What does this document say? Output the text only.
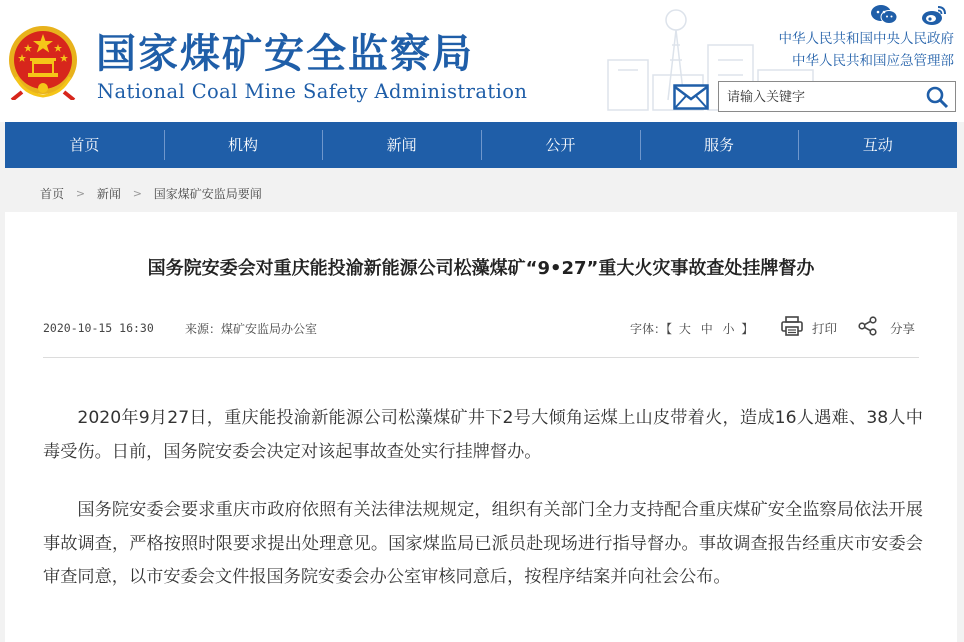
国家煤矿安全监察局
National Coal Mine Safety Administration

中华人民共和国中央人民政府
中华人民共和国应急管理部
请输入关键字
首页	机构	新闻	公开	服务	互动
首页 > 新闻 > 国家煤矿安监局要闻
国务院安委会对重庆能投渝新能源公司松藻煤矿“9•27”重大火灾事故查处挂牌督办
2020-10-15 16:30	来源：煤矿安监局办公室	字体：【 大 中 小 】	打印	分享

2020年9月27日，重庆能投渝新能源公司松藻煤矿井下2号大倾角运煤上山皮带着火，造成16人遇难、38人中毒受伤。日前，国务院安委会决定对该起事故查处实行挂牌督办。

国务院安委会要求重庆市政府依照有关法律法规规定，组织有关部门全力支持配合重庆煤矿安全监察局依法开展事故调查，严格按照时限要求提出处理意见。国家煤监局已派员赴现场进行指导督办。事故调查报告经重庆市安委会审查同意，以市安委会文件报国务院安委会办公室审核同意后，按程序结案并向社会公布。
